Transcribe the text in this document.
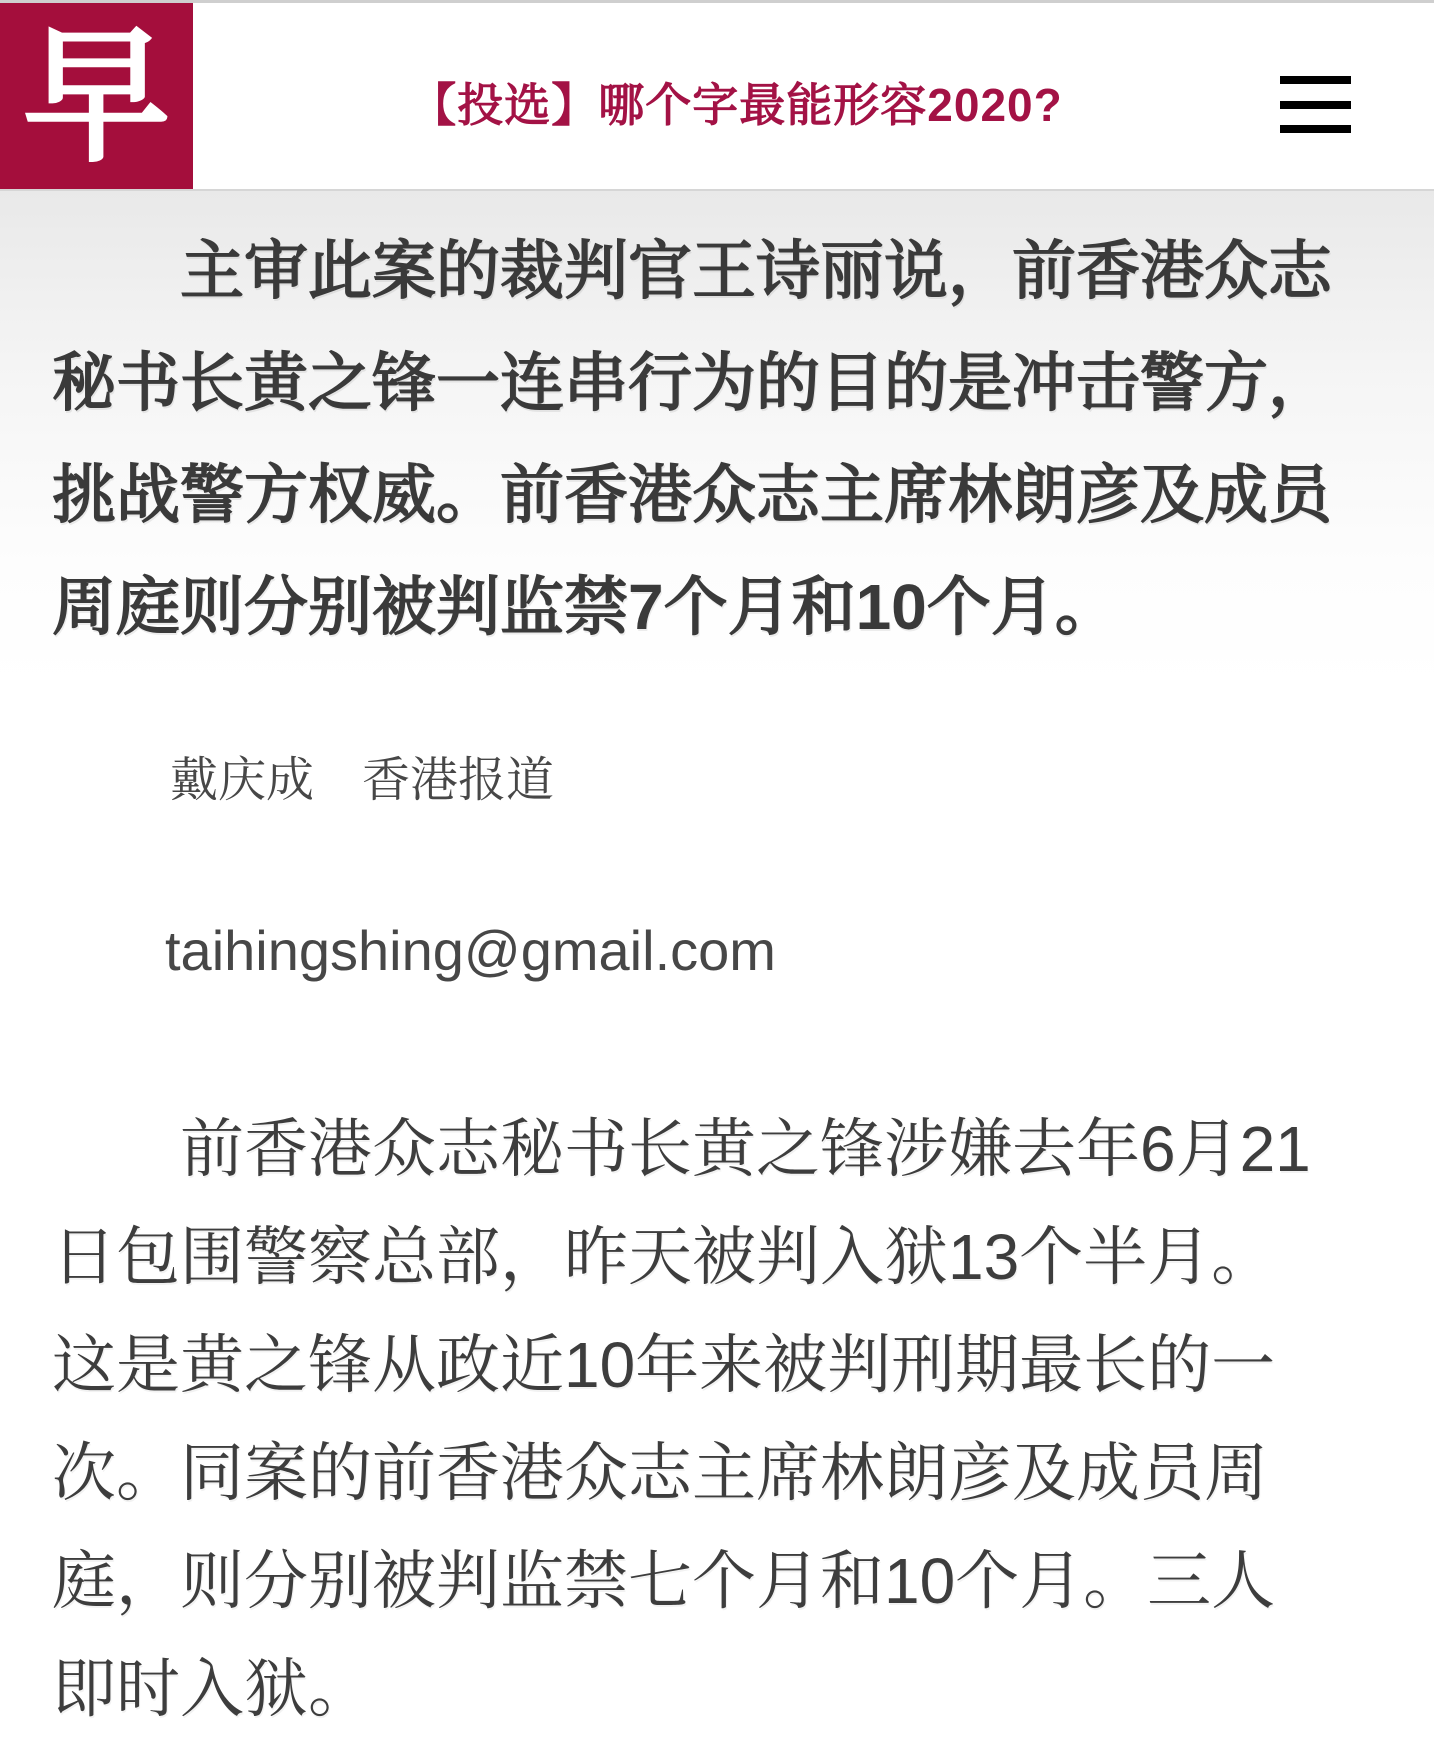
早	【投选】哪个字最能形容2020?
主审此案的裁判官王诗丽说，前香港众志
秘书长黄之锋一连串行为的目的是冲击警方，
挑战警方权威。前香港众志主席林朗彦及成员
周庭则分别被判监禁7个月和10个月。
戴庆成　香港报道
taihingshing@gmail.com
前香港众志秘书长黄之锋涉嫌去年6月21
日包围警察总部，昨天被判入狱13个半月。
这是黄之锋从政近10年来被判刑期最长的一
次。同案的前香港众志主席林朗彦及成员周
庭，则分别被判监禁七个月和10个月。三人
即时入狱。
